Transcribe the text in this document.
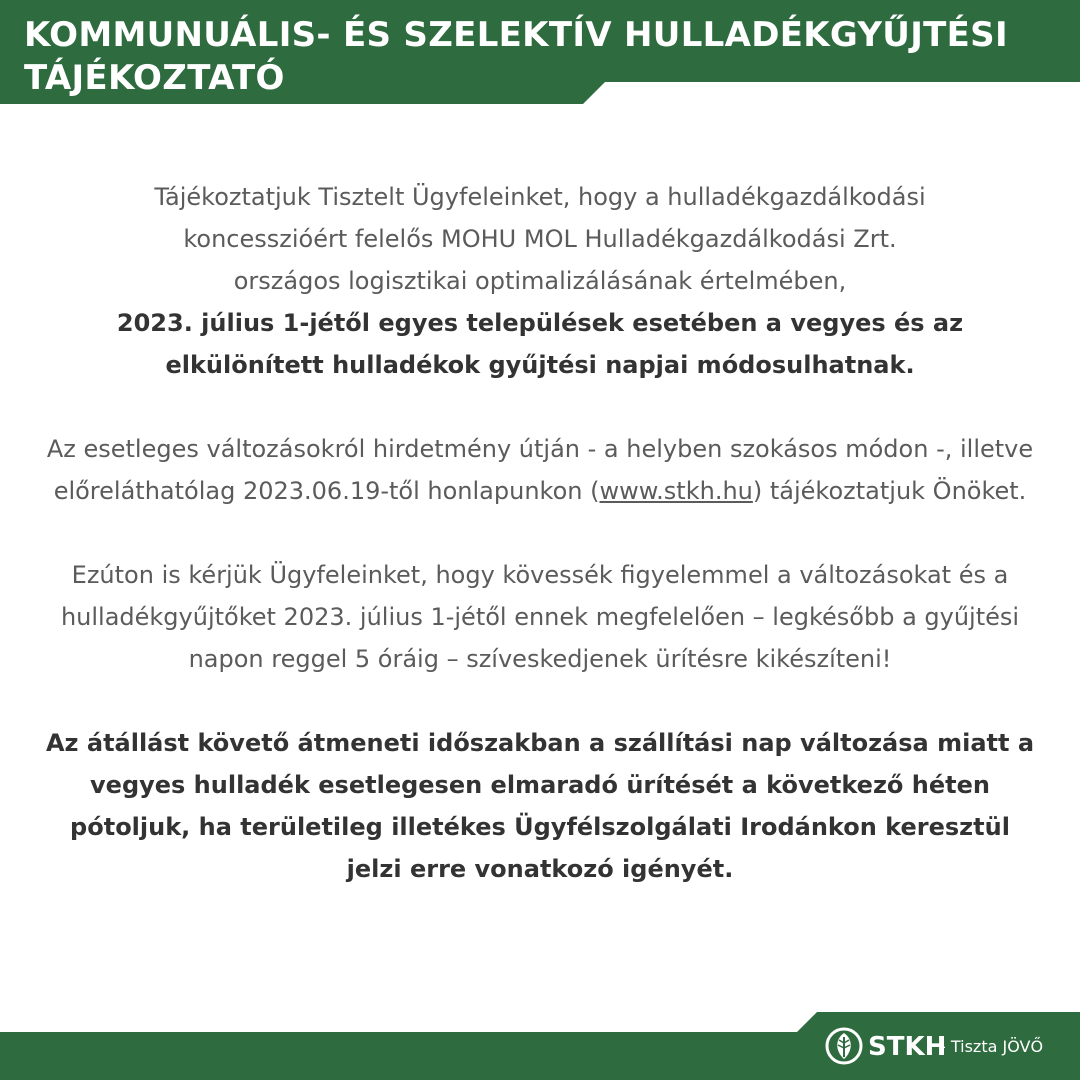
KOMMUNUÁLIS- ÉS SZELEKTÍV HULLADÉKGYŰJTÉSI TÁJÉKOZTATÓ

Tájékoztatjuk Tisztelt Ügyfeleinket, hogy a hulladékgazdálkodási
koncesszióért felelős MOHU MOL Hulladékgazdálkodási Zrt.
országos logisztikai optimalizálásának értelmében,
2023. július 1-jétől egyes települések esetében a vegyes és az elkülönített hulladékok gyűjtési napjai módosulhatnak.

Az esetleges változásokról hirdetmény útján - a helyben szokásos módon -, illetve előreláthatólag 2023.06.19-től honlapunkon (www.stkh.hu) tájékoztatjuk Önöket.

Ezúton is kérjük Ügyfeleinket, hogy kövessék figyelemmel a változásokat és a hulladékgyűjtőket 2023. július 1-jétől ennek megfelelően – legkésőbb a gyűjtési napon reggel 5 óráig – szíveskedjenek ürítésre kikészíteni!

Az átállást követő átmeneti időszakban a szállítási nap változása miatt a vegyes hulladék esetlegesen elmaradó ürítését a következő héten pótoljuk, ha területileg illetékes Ügyfélszolgálati Irodánkon keresztül jelzi erre vonatkozó igényét.

STKH
- Tiszta JÖVŐ
